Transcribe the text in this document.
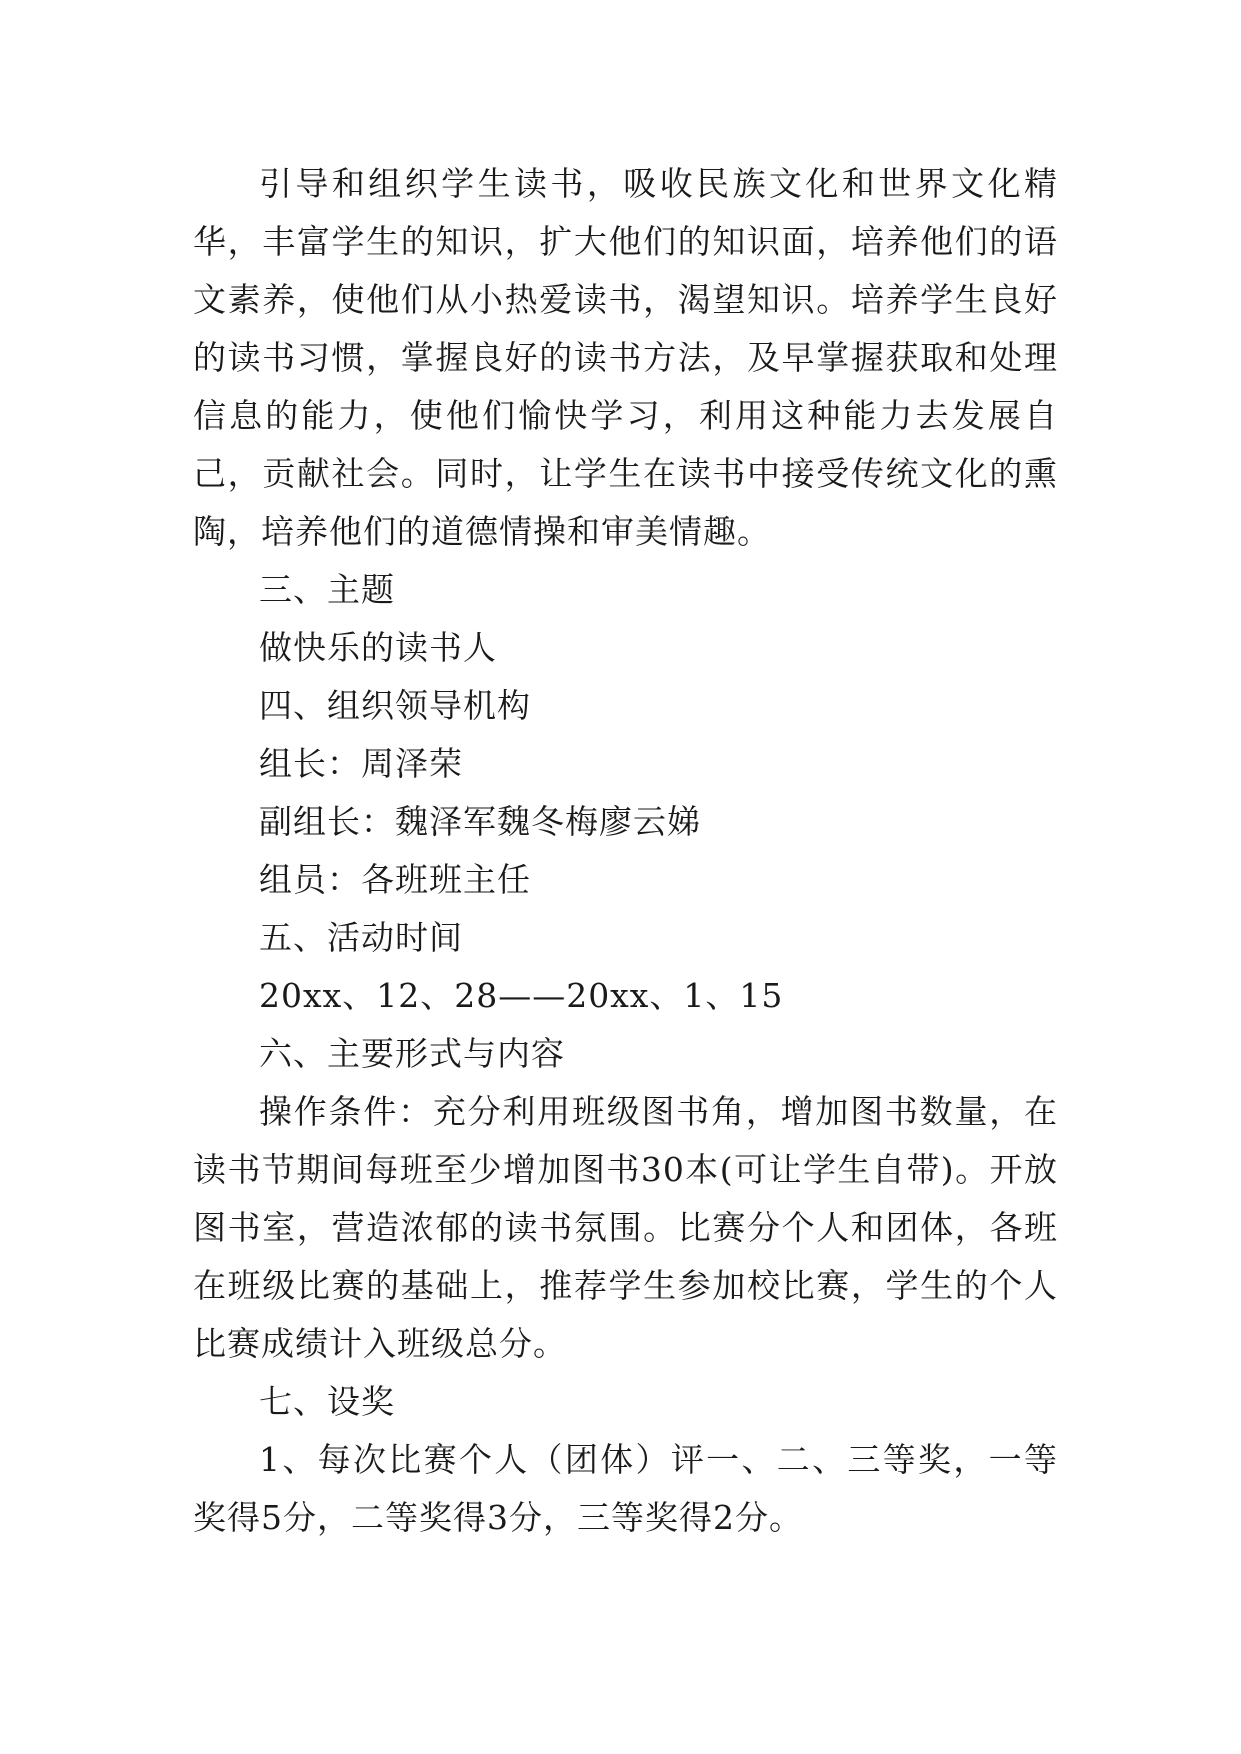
引导和组织学生读书，吸收民族文化和世界文化精华，丰富学生的知识，扩大他们的知识面，培养他们的语文素养，使他们从小热爱读书，渴望知识。培养学生良好的读书习惯，掌握良好的读书方法，及早掌握获取和处理信息的能力，使他们愉快学习，利用这种能力去发展自己，贡献社会。同时，让学生在读书中接受传统文化的熏陶，培养他们的道德情操和审美情趣。

三、主题

做快乐的读书人

四、组织领导机构

组长：周泽荣

副组长：魏泽军魏冬梅廖云娣

组员：各班班主任

五、活动时间

20xx、12、28——20xx、1、15

六、主要形式与内容

操作条件：充分利用班级图书角，增加图书数量，在读书节期间每班至少增加图书30本(可让学生自带)。开放图书室，营造浓郁的读书氛围。比赛分个人和团体，各班在班级比赛的基础上，推荐学生参加校比赛，学生的个人比赛成绩计入班级总分。

七、设奖

1、每次比赛个人（团体）评一、二、三等奖，一等奖得5分，二等奖得3分，三等奖得2分。
